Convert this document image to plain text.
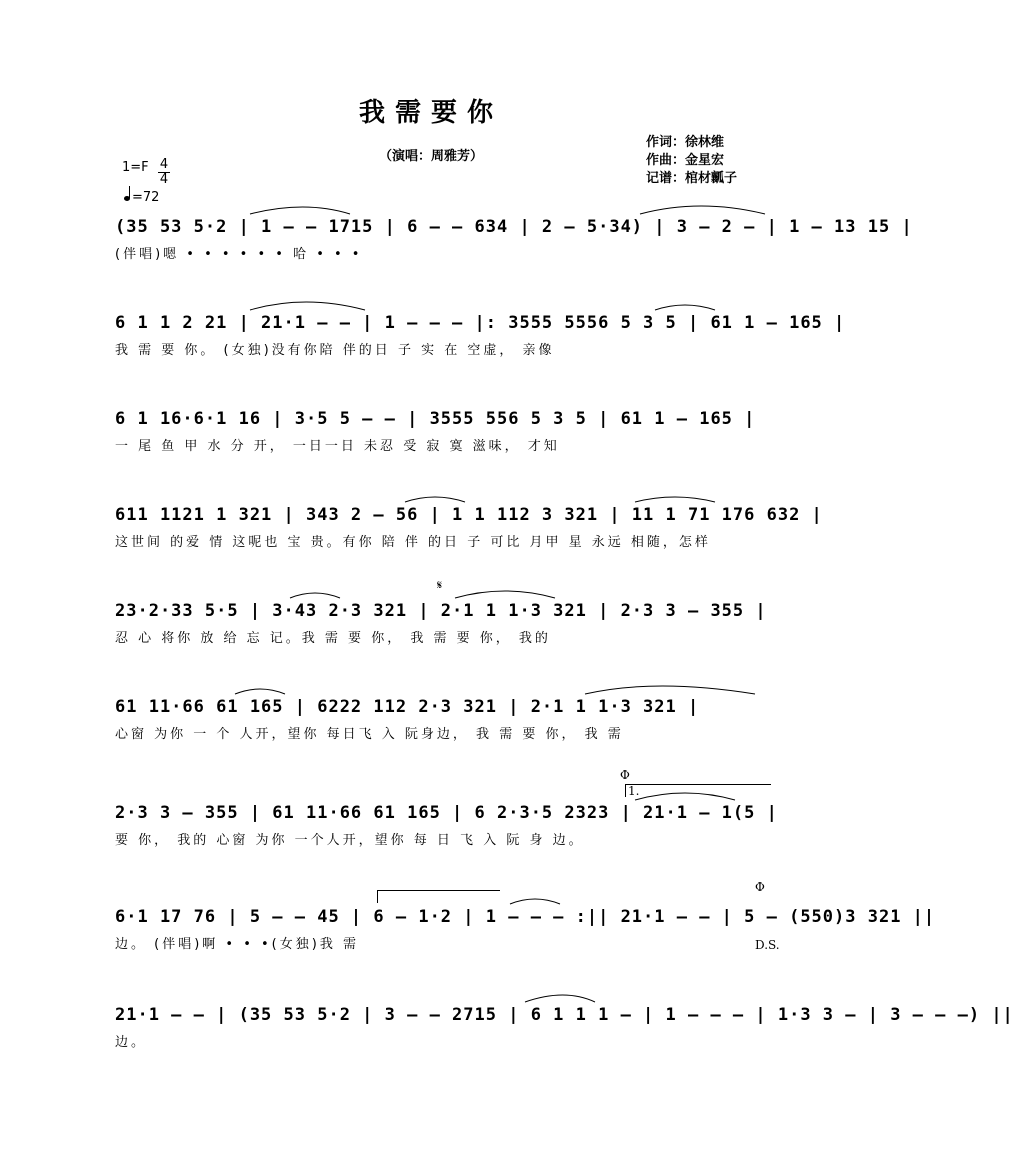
我需要你
（演唱：周雅芳）
作词：徐林维
作曲：金星宏
记谱：棺材瓤子
1=F 4
4
=72
(35 53 5·2 | 1 – – 1715 | 6 – – 634 | 2 – 5·34) | 3 – 2 – | 1 – 13 15 |
(伴唱)嗯 • • • • • • 哈 • • •
6 1 1 2 21 | 21·1 – – | 1 – – – |: 3555 5556 5 3 5 | 61 1 – 165 |
我 需 要 你。 (女独)没有你陪 伴的日 子 实 在 空虚， 亲像
6 1 16·6·1 16 | 3·5 5 – – | 3555 556 5 3 5 | 61 1 – 165 |
一 尾 鱼 甲 水 分 开， 一日一日 未忍 受 寂 寞 滋味， 才知
611 1121 1 321 | 343 2 – 56 | 1 1 112 3 321 | 11 1 71 176 632 |
这世间 的爱 情 这呢也 宝 贵。有你 陪 伴 的日 子 可比 月甲 星 永远 相随，怎样
𝄋
23·2·33 5·5 | 3·43 2·3 321 | 2·1 1 1·3 321 | 2·3 3 – 355 |
忍 心 将你 放 给 忘 记。我 需 要 你， 我 需 要 你， 我的
61 11·66 61 165 | 6222 112 2·3 321 | 2·1 1 1·3 321 |
心窗 为你 一 个 人开，望你 每日飞 入 阮身边， 我 需 要 你， 我 需
Φ
1.
2·3 3 – 355 | 61 11·66 61 165 | 6 2·3·5 2323 | 21·1 – 1(5 |
要 你， 我的 心窗 为你 一个人开，望你 每 日 飞 入 阮 身 边。
Φ
D.S.
6·1 17 76 | 5 – – 45 | 6 – 1·2 | 1 – – – :|| 21·1 – – | 5 – (550)3 321 ||
边。 (伴唱)啊 • • •(女独)我 需
21·1 – – | (35 53 5·2 | 3 – – 2715 | 6 1 1 1 – | 1 – – – | 1·3 3 – | 3 – – –) ||
边。
